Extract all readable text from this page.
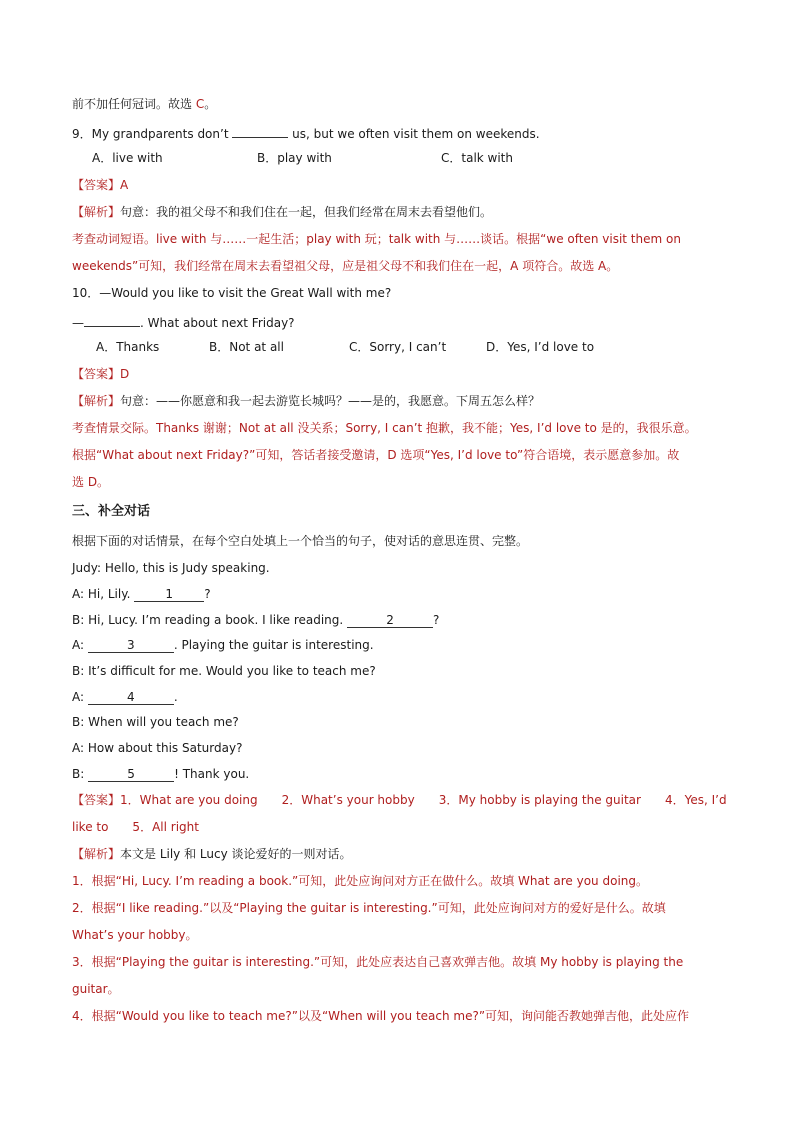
前不加任何冠词。故选 C。
9．My grandparents don’t	us, but we often visit them on weekends.
A．live with	B．play with	C．talk with
【答案】A
【解析】句意：我的祖父母不和我们住在一起，但我们经常在周末去看望他们。
考查动词短语。live with 与……一起生活；play with 玩；talk with 与……谈话。根据“we often visit them on
weekends”可知，我们经常在周末去看望祖父母，应是祖父母不和我们住在一起，A 项符合。故选 A。
10．—Would you like to visit the Great Wall with me?
—	. What about next Friday?
A．Thanks	B．Not at all	C．Sorry, I can’t	D．Yes, I’d love to
【答案】D
【解析】句意：——你愿意和我一起去游览长城吗？——是的，我愿意。下周五怎么样？
考查情景交际。Thanks 谢谢；Not at all 没关系；Sorry, I can’t 抱歉，我不能；Yes, I’d love to 是的，我很乐意。
根据“What about next Friday?”可知，答话者接受邀请，D 选项“Yes, I’d love to”符合语境，表示愿意参加。故
选 D。
三、补全对话
根据下面的对话情景，在每个空白处填上一个恰当的句子，使对话的意思连贯、完整。
Judy: Hello, this is Judy speaking.
A: Hi, Lily.	1	?
B: Hi, Lucy. I’m reading a book. I like reading.	2	?
A:	3	. Playing the guitar is interesting.
B: It’s difficult for me. Would you like to teach me?
A:	4	.
B: When will you teach me?
A: How about this Saturday?
B:	5	! Thank you.
【答案】1．What are you doing　　2．What’s your hobby　　3．My hobby is playing the guitar　　4．Yes, I’d
like to　　5．All right
【解析】本文是 Lily 和 Lucy 谈论爱好的一则对话。
1．根据“Hi, Lucy. I’m reading a book.”可知，此处应询问对方正在做什么。故填 What are you doing。
2．根据“I like reading.”以及“Playing the guitar is interesting.”可知，此处应询问对方的爱好是什么。故填
What’s your hobby。
3．根据“Playing the guitar is interesting.”可知，此处应表达自己喜欢弹吉他。故填 My hobby is playing the
guitar。
4．根据“Would you like to teach me?”以及“When will you teach me?”可知，询问能否教她弹吉他，此处应作
